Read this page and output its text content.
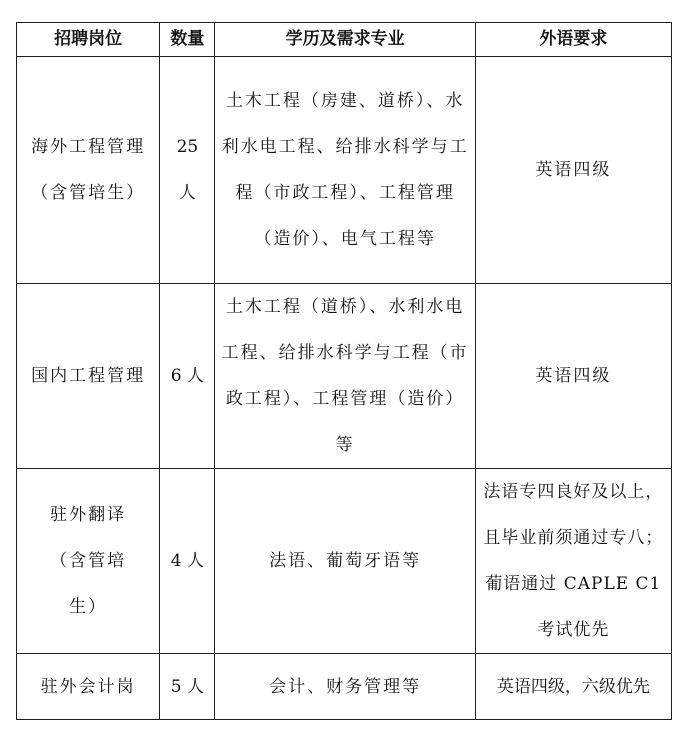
招聘岗位	数量	学历及需求专业	外语要求

海外工程管理（含管培生）	25 人	土木工程（房建、道桥）、水利水电工程、给排水科学与工程（市政工程）、工程管理（造价）、电气工程等	英语四级

国内工程管理	6 人	土木工程（道桥）、水利水电工程、给排水科学与工程（市政工程）、工程管理（造价）等	英语四级

驻外翻译（含管培生）	4 人	法语、葡萄牙语等	法语专四良好及以上，且毕业前须通过专八；葡语通过 CAPLE C1 考试优先

驻外会计岗	5 人	会计、财务管理等	英语四级，六级优先
